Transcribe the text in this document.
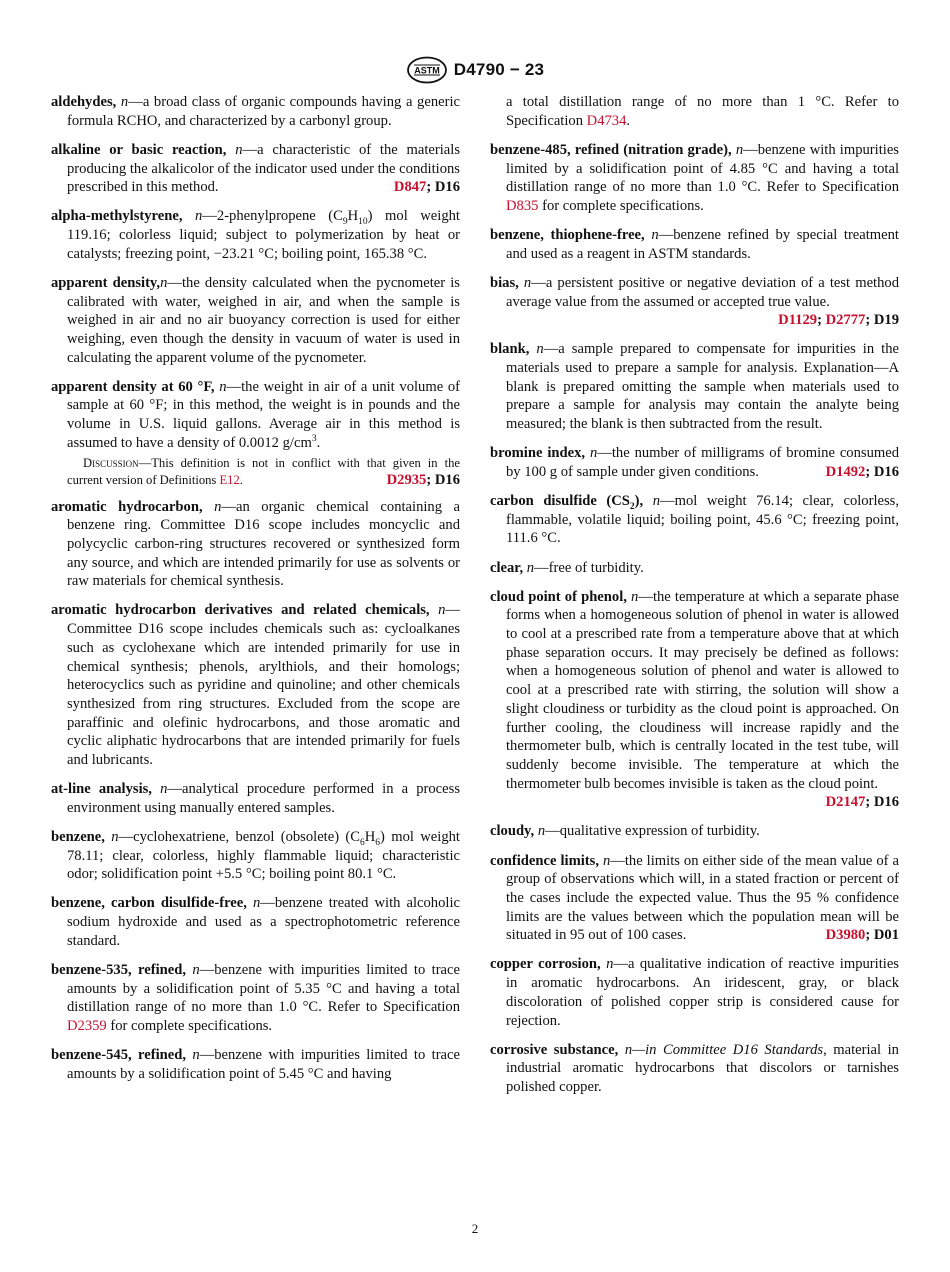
ASTM D4790 − 23

aldehydes, n—a broad class of organic compounds having a generic formula RCHO, and characterized by a carbonyl group.

alkaline or basic reaction, n—a characteristic of the materials producing the alkalicolor of the indicator used under the conditions prescribed in this method.	D847; D16

alpha-methylstyrene, n—2-phenylpropene $(C_9H_{10})$ mol weight 119.16; colorless liquid; subject to polymerization by heat or catalysts; freezing point, −23.21 °C; boiling point, 165.38 °C.

apparent density,n—the density calculated when the pycnometer is calibrated with water, weighed in air, and when the sample is weighed in air and no air buoyancy correction is used for either weighing, even though the density in vacuum of water is used in calculating the apparent volume of the pycnometer.

apparent density at 60 °F, n—the weight in air of a unit volume of sample at 60 °F; in this method, the weight is in pounds and the volume in U.S. liquid gallons. Average air in this method is assumed to have a density of 0.0012 $g/cm^3$.

Discussion—This definition is not in conflict with that given in the current version of Definitions E12.	D2935; D16

aromatic hydrocarbon, n—an organic chemical containing a benzene ring. Committee D16 scope includes moncyclic and polycyclic carbon-ring structures recovered or synthesized form any source, and which are intended primarily for use as solvents or raw materials for chemical synthesis.

aromatic hydrocarbon derivatives and related chemicals, n—Committee D16 scope includes chemicals such as: cycloalkanes such as cyclohexane which are intended primarily for use in chemical synthesis; phenols, arylthiols, and their homologs; heterocyclics such as pyridine and quinoline; and other chemicals synthesized from ring structures. Excluded from the scope are paraffinic and olefinic hydrocarbons, and those aromatic and cyclic aliphatic hydrocarbons that are intended primarily for fuels and lubricants.

at-line analysis, n—analytical procedure performed in a process environment using manually entered samples.

benzene, n—cyclohexatriene, benzol (obsolete) $(C_6H_6)$ mol weight 78.11; clear, colorless, highly flammable liquid; characteristic odor; solidification point +5.5 °C; boiling point 80.1 °C.

benzene, carbon disulfide-free, n—benzene treated with alcoholic sodium hydroxide and used as a spectrophotometric reference standard.

benzene-535, refined, n—benzene with impurities limited to trace amounts by a solidification point of 5.35 °C and having a total distillation range of no more than 1.0 °C. Refer to Specification D2359 for complete specifications.

benzene-545, refined, n—benzene with impurities limited to trace amounts by a solidification point of 5.45 °C and having

a total distillation range of no more than 1 °C. Refer to Specification D4734.

benzene-485, refined (nitration grade), n—benzene with impurities limited by a solidification point of 4.85 °C and having a total distillation range of no more than 1.0 °C. Refer to Specification D835 for complete specifications.

benzene, thiophene-free, n—benzene refined by special treatment and used as a reagent in ASTM standards.

bias, n—a persistent positive or negative deviation of a test method average value from the assumed or accepted true value.
D1129; D2777; D19

blank, n—a sample prepared to compensate for impurities in the materials used to prepare a sample for analysis. Explanation—A blank is prepared omitting the sample when materials used to prepare a sample for analysis may contain the analyte being measured; the blank is then subtracted from the result.

bromine index, n—the number of milligrams of bromine consumed by 100 g of sample under given conditions.	D1492; D16

carbon disulfide $(CS_2)$, n—mol weight 76.14; clear, colorless, flammable, volatile liquid; boiling point, 45.6 °C; freezing point, 111.6 °C.

clear, n—free of turbidity.

cloud point of phenol, n—the temperature at which a separate phase forms when a homogeneous solution of phenol in water is allowed to cool at a prescribed rate from a temperature above that at which phase separation occurs. It may precisely be defined as follows: when a homogeneous solution of phenol and water is allowed to cool at a prescribed rate with stirring, the solution will show a slight cloudiness or turbidity as the cloud point is approached. On further cooling, the cloudiness will increase rapidly and the thermometer bulb, which is centrally located in the test tube, will suddenly become invisible. The temperature at which the thermometer bulb becomes invisible is taken as the cloud point.
D2147; D16

cloudy, n—qualitative expression of turbidity.

confidence limits, n—the limits on either side of the mean value of a group of observations which will, in a stated fraction or percent of the cases include the expected value. Thus the 95 % confidence limits are the values between which the population mean will be situated in 95 out of 100 cases.	D3980; D01

copper corrosion, n—a qualitative indication of reactive impurities in aromatic hydrocarbons. An iridescent, gray, or black discoloration of polished copper strip is considered cause for rejection.

corrosive substance, n—in Committee D16 Standards, material in industrial aromatic hydrocarbons that discolors or tarnishes polished copper.

2
